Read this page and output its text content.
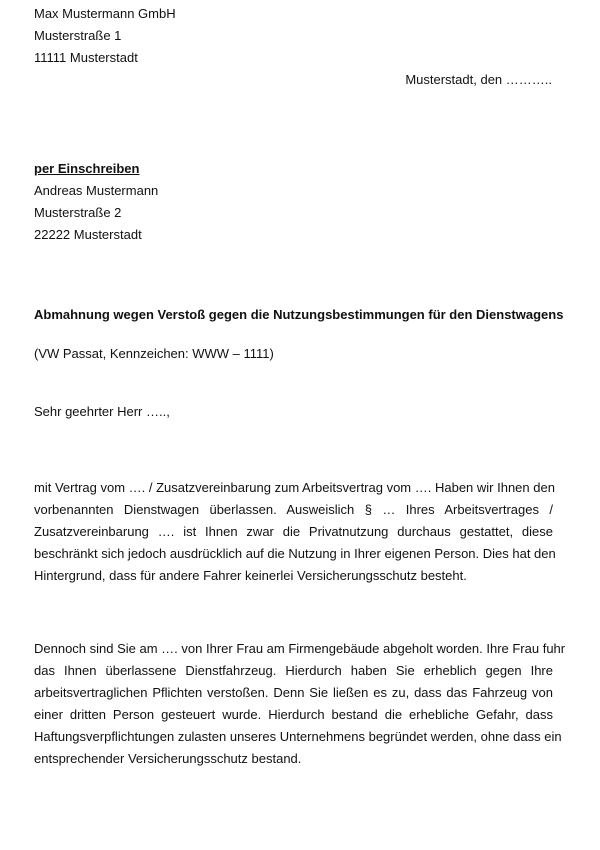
Max Mustermann GmbH
Musterstraße 1
11111 Musterstadt
Musterstadt, den ………..
per Einschreiben
Andreas Mustermann
Musterstraße 2
22222 Musterstadt
Abmahnung wegen Verstoß gegen die Nutzungsbestimmungen für den Dienstwagens
(VW Passat, Kennzeichen: WWW – 1111)
Sehr geehrter Herr …..,
mit Vertrag vom …. / Zusatzvereinbarung zum Arbeitsvertrag vom …. Haben wir Ihnen den
vorbenannten Dienstwagen überlassen. Ausweislich § … Ihres Arbeitsvertrages /
Zusatzvereinbarung …. ist Ihnen zwar die Privatnutzung durchaus gestattet, diese
beschränkt sich jedoch ausdrücklich auf die Nutzung in Ihrer eigenen Person. Dies hat den
Hintergrund, dass für andere Fahrer keinerlei Versicherungsschutz besteht.
Dennoch sind Sie am …. von Ihrer Frau am Firmengebäude abgeholt worden. Ihre Frau fuhr
das Ihnen überlassene Dienstfahrzeug. Hierdurch haben Sie erheblich gegen Ihre
arbeitsvertraglichen Pflichten verstoßen. Denn Sie ließen es zu, dass das Fahrzeug von
einer dritten Person gesteuert wurde. Hierdurch bestand die erhebliche Gefahr, dass
Haftungsverpflichtungen zulasten unseres Unternehmens begründet werden, ohne dass ein
entsprechender Versicherungsschutz bestand.
